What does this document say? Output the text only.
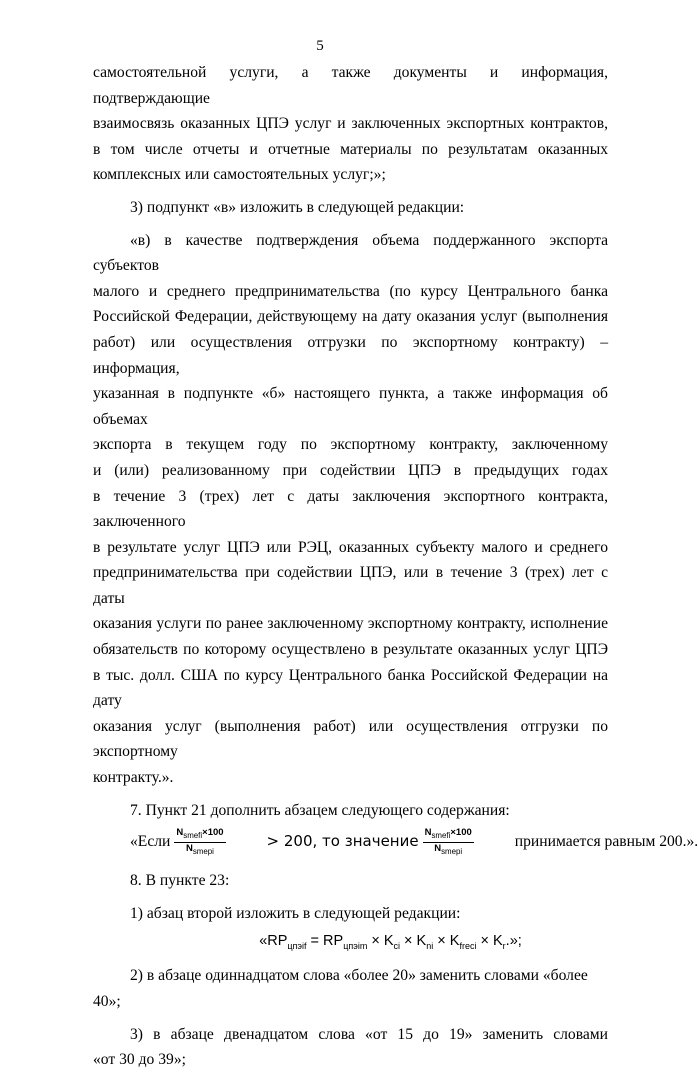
5

самостоятельной услуги, а также документы и информация, подтверждающие

взаимосвязь оказанных ЦПЭ услуг и заключенных экспортных контрактов,

в том числе отчеты и отчетные материалы по результатам оказанных

комплексных или самостоятельных услуг;»;

3) подпункт «в» изложить в следующей редакции:

«в) в качестве подтверждения объема поддержанного экспорта субъектов

малого и среднего предпринимательства (по курсу Центрального банка

Российской Федерации, действующему на дату оказания услуг (выполнения

работ) или осуществления отгрузки по экспортному контракту) – информация,

указанная в подпункте «б» настоящего пункта, а также информация об объемах

экспорта в текущем году по экспортному контракту, заключенному

и (или) реализованному при содействии ЦПЭ в предыдущих годах

в течение 3 (трех) лет с даты заключения экспортного контракта, заключенного

в результате услуг ЦПЭ или РЭЦ, оказанных субъекту малого и среднего

предпринимательства при содействии ЦПЭ, или в течение 3 (трех) лет с даты

оказания услуги по ранее заключенному экспортному контракту, исполнение

обязательств по которому осуществлено в результате оказанных услуг ЦПЭ

в тыс. долл. США по курсу Центрального банка Российской Федерации на дату

оказания услуг (выполнения работ) или осуществления отгрузки по экспортному

контракту.».

7. Пункт 21 дополнить абзацем следующего содержания:

«Если $\frac{N_{smefi}\times 100}{N_{smepi}}$	> 200, то значение $\frac{N_{smefi}\times 100}{N_{smepi}}$	принимается равным 200.».

8. В пункте 23:

1) абзац второй изложить в следующей редакции:

«$RP_{цпэif} = RP_{цпэim} \times K_{ci} \times K_{ni} \times K_{freci} \times K_r$.»;

2) в абзаце одиннадцатом слова «более 20» заменить словами «более 40»;

3) в абзаце двенадцатом слова «от 15 до 19» заменить словами

«от 30 до 39»;
